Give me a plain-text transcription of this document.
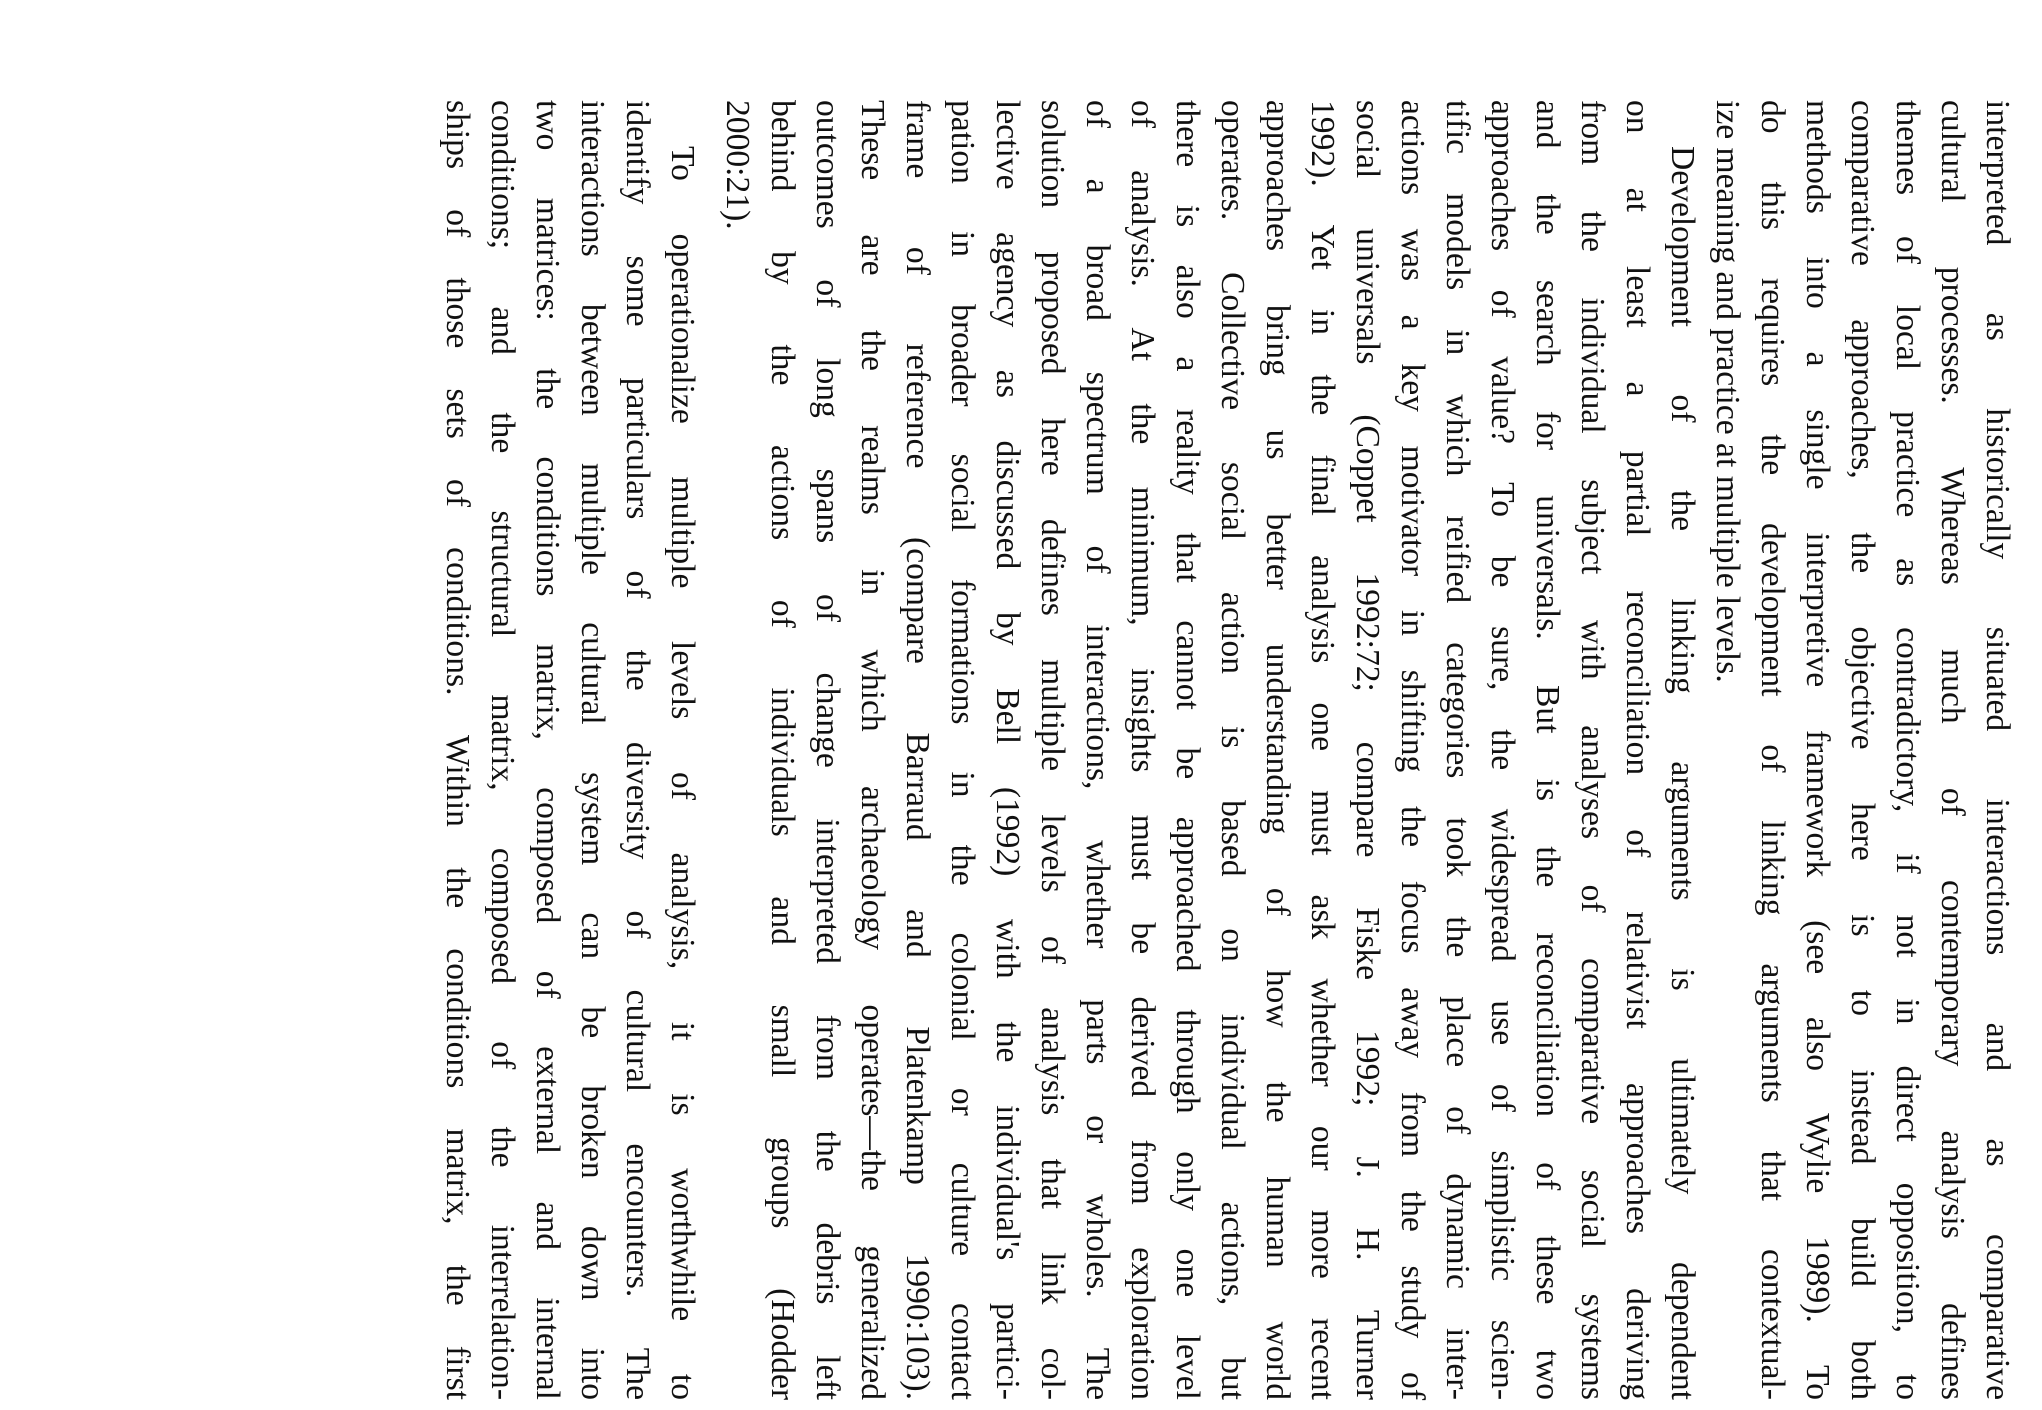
interpreted as historically situated interactions and as comparative
cultural processes. Whereas much of contemporary analysis defines
themes of local practice as contradictory, if not in direct opposition, to
comparative approaches, the objective here is to instead build both
methods into a single interpretive framework (see also Wylie 1989). To
do this requires the development of linking arguments that contextual-
ize meaning and practice at multiple levels.
Development of the linking arguments is ultimately dependent
on at least a partial reconciliation of relativist approaches deriving
from the individual subject with analyses of comparative social systems
and the search for universals. But is the reconciliation of these two
approaches of value? To be sure, the widespread use of simplistic scien-
tific models in which reified categories took the place of dynamic inter-
actions was a key motivator in shifting the focus away from the study of
social universals (Coppet 1992:72; compare Fiske 1992; J. H. Turner
1992). Yet in the final analysis one must ask whether our more recent
approaches bring us better understanding of how the human world
operates. Collective social action is based on individual actions, but
there is also a reality that cannot be approached through only one level
of analysis. At the minimum, insights must be derived from exploration
of a broad spectrum of interactions, whether parts or wholes. The
solution proposed here defines multiple levels of analysis that link col-
lective agency as discussed by Bell (1992) with the individual's partici-
pation in broader social formations in the colonial or culture contact
frame of reference (compare Barraud and Platenkamp 1990:103).
These are the realms in which archaeology operates—the generalized
outcomes of long spans of change interpreted from the debris left
behind by the actions of individuals and small groups (Hodder
2000:21).
To operationalize multiple levels of analysis, it is worthwhile to
identify some particulars of the diversity of cultural encounters. The
interactions between multiple cultural system can be broken down into
two matrices: the conditions matrix, composed of external and internal
conditions; and the structural matrix, composed of the interrelation-
ships of those sets of conditions. Within the conditions matrix, the first
